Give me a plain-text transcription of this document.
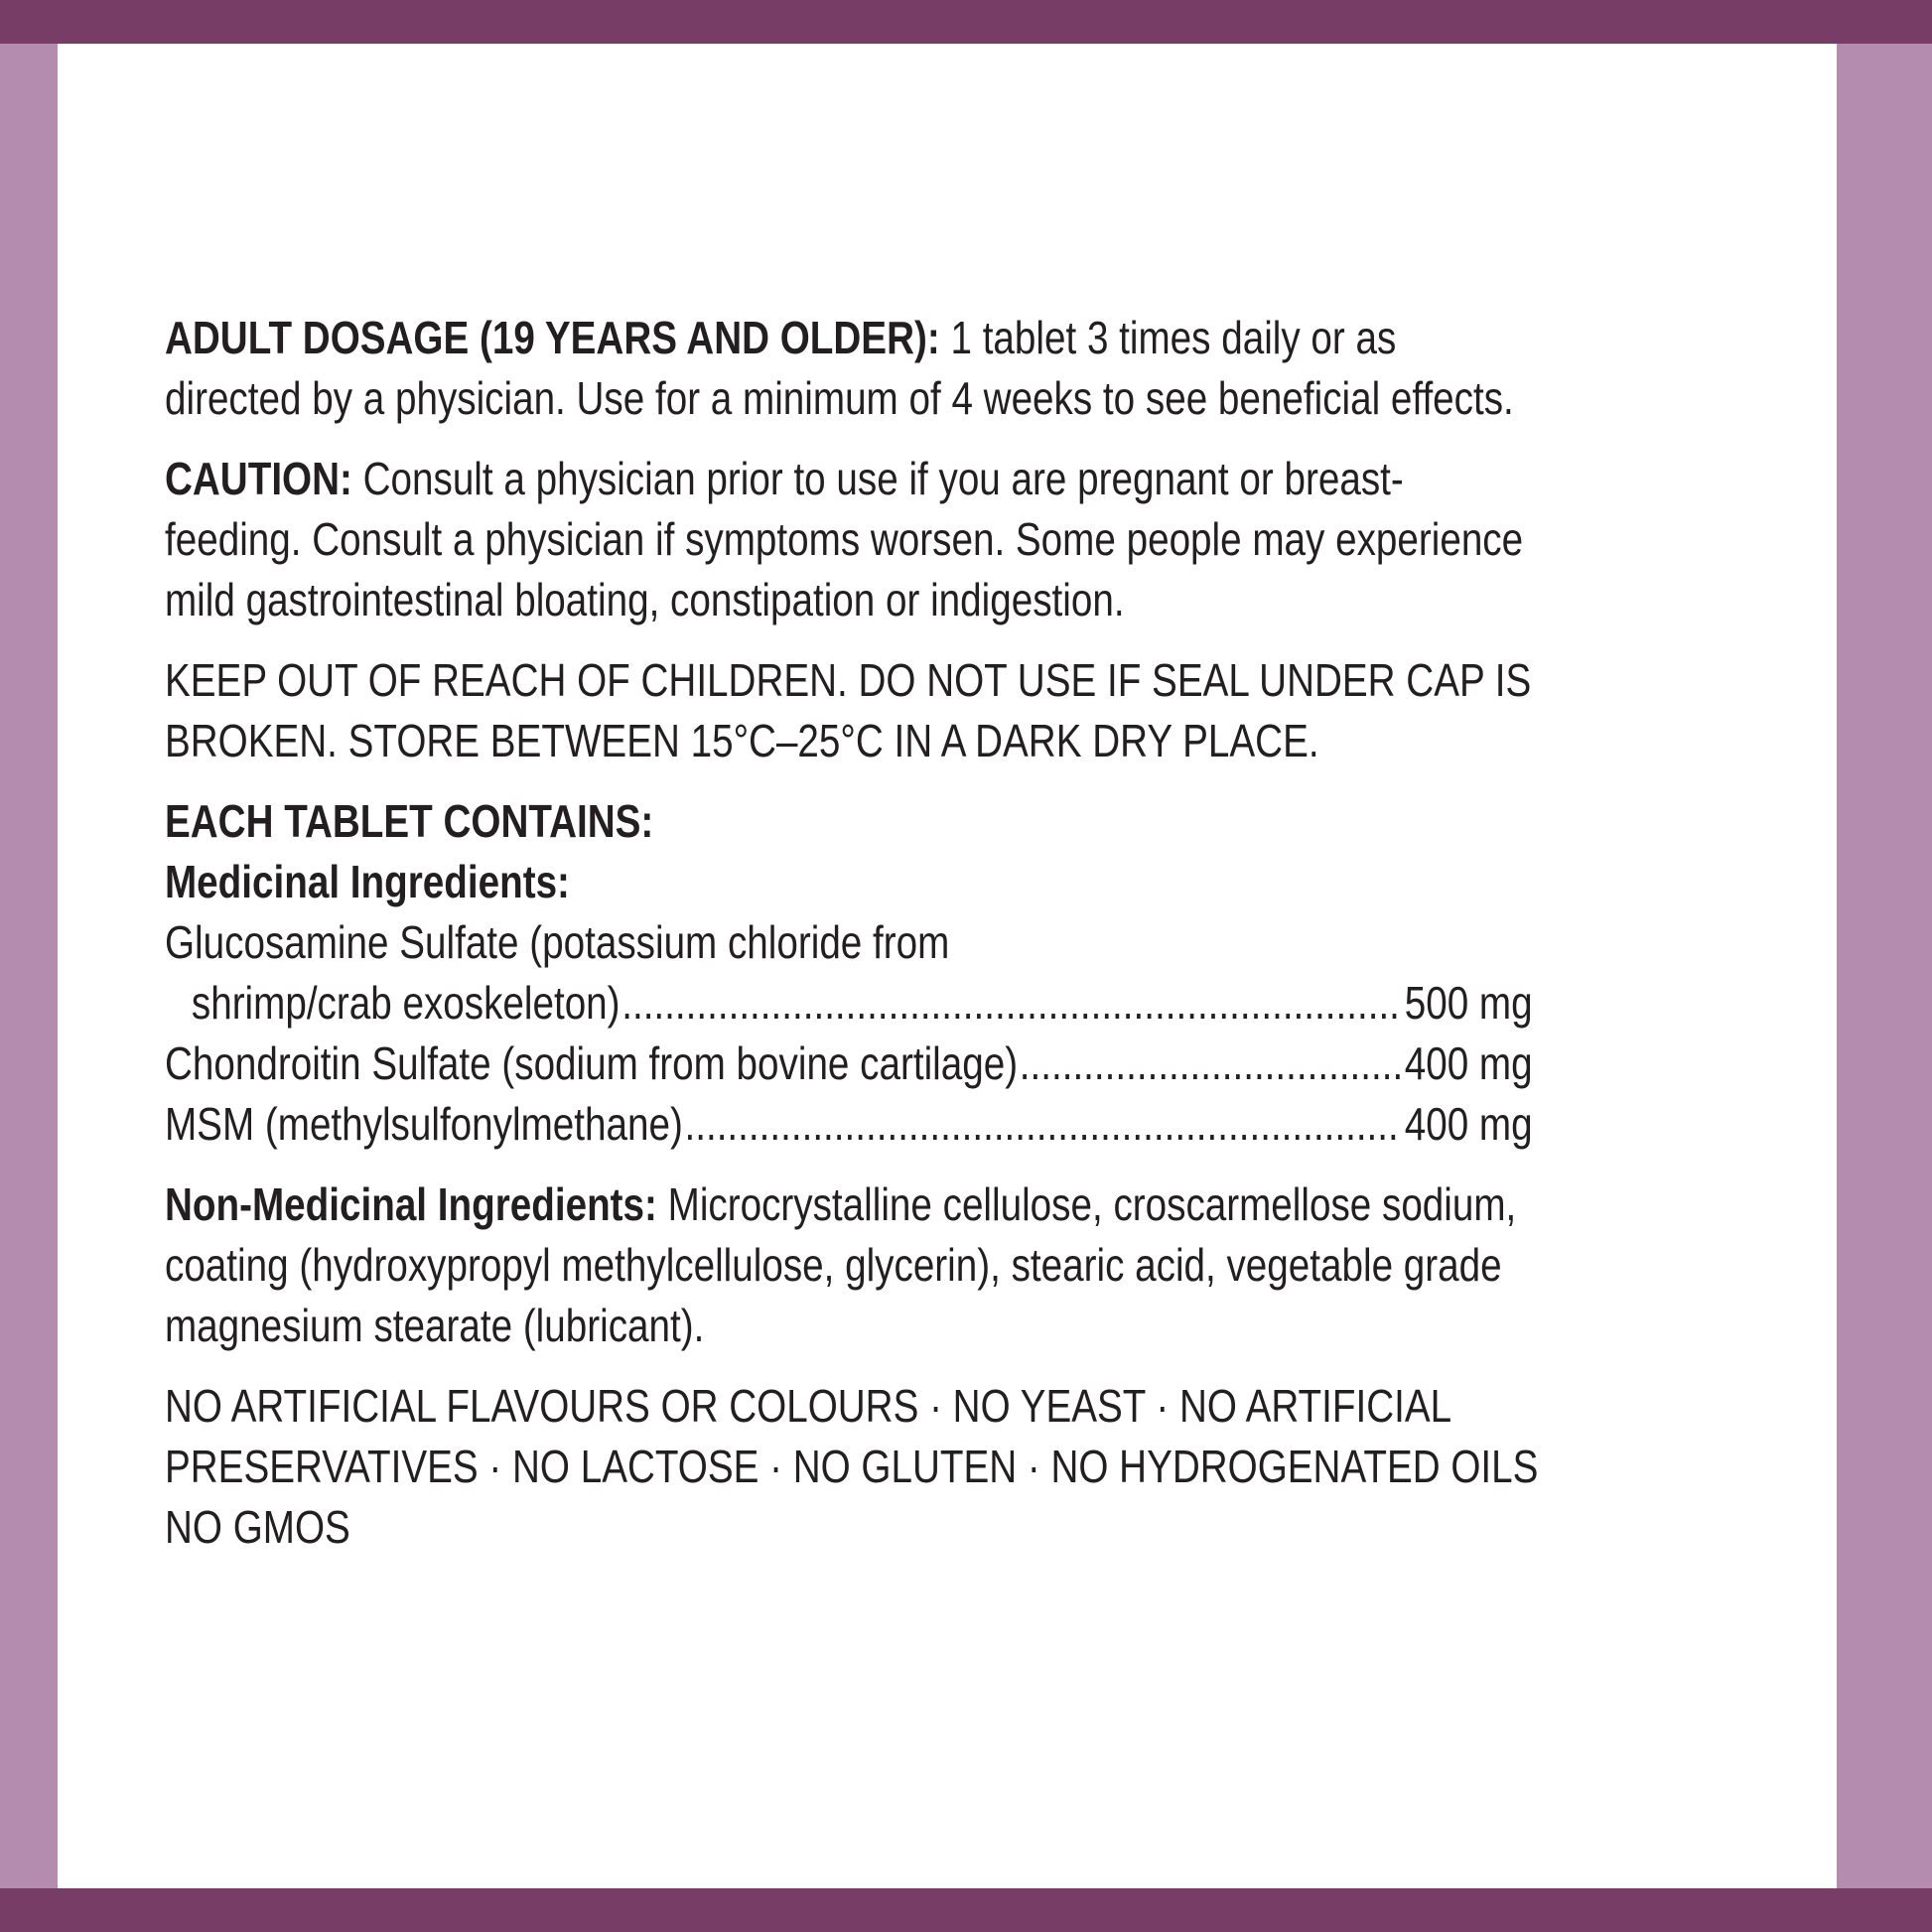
ADULT DOSAGE (19 YEARS AND OLDER): 1 tablet 3 times daily or as directed by a physician. Use for a minimum of 4 weeks to see beneficial effects.

CAUTION: Consult a physician prior to use if you are pregnant or breast-feeding. Consult a physician if symptoms worsen. Some people may experience mild gastrointestinal bloating, constipation or indigestion.

KEEP OUT OF REACH OF CHILDREN. DO NOT USE IF SEAL UNDER CAP IS
BROKEN. STORE BETWEEN 15°C–25°C IN A DARK DRY PLACE.

EACH TABLET CONTAINS:
Medicinal Ingredients:
Glucosamine Sulfate (potassium chloride from
shrimp/crab exoskeleton) .....	500 mg
Chondroitin Sulfate (sodium from bovine cartilage) .....	400 mg
MSM (methylsulfonylmethane) .....	400 mg

Non-Medicinal Ingredients: Microcrystalline cellulose, croscarmellose sodium, coating (hydroxypropyl methylcellulose, glycerin), stearic acid, vegetable grade magnesium stearate (lubricant).

NO ARTIFICIAL FLAVOURS OR COLOURS · NO YEAST · NO ARTIFICIAL
PRESERVATIVES · NO LACTOSE · NO GLUTEN · NO HYDROGENATED OILS
NO GMOS
